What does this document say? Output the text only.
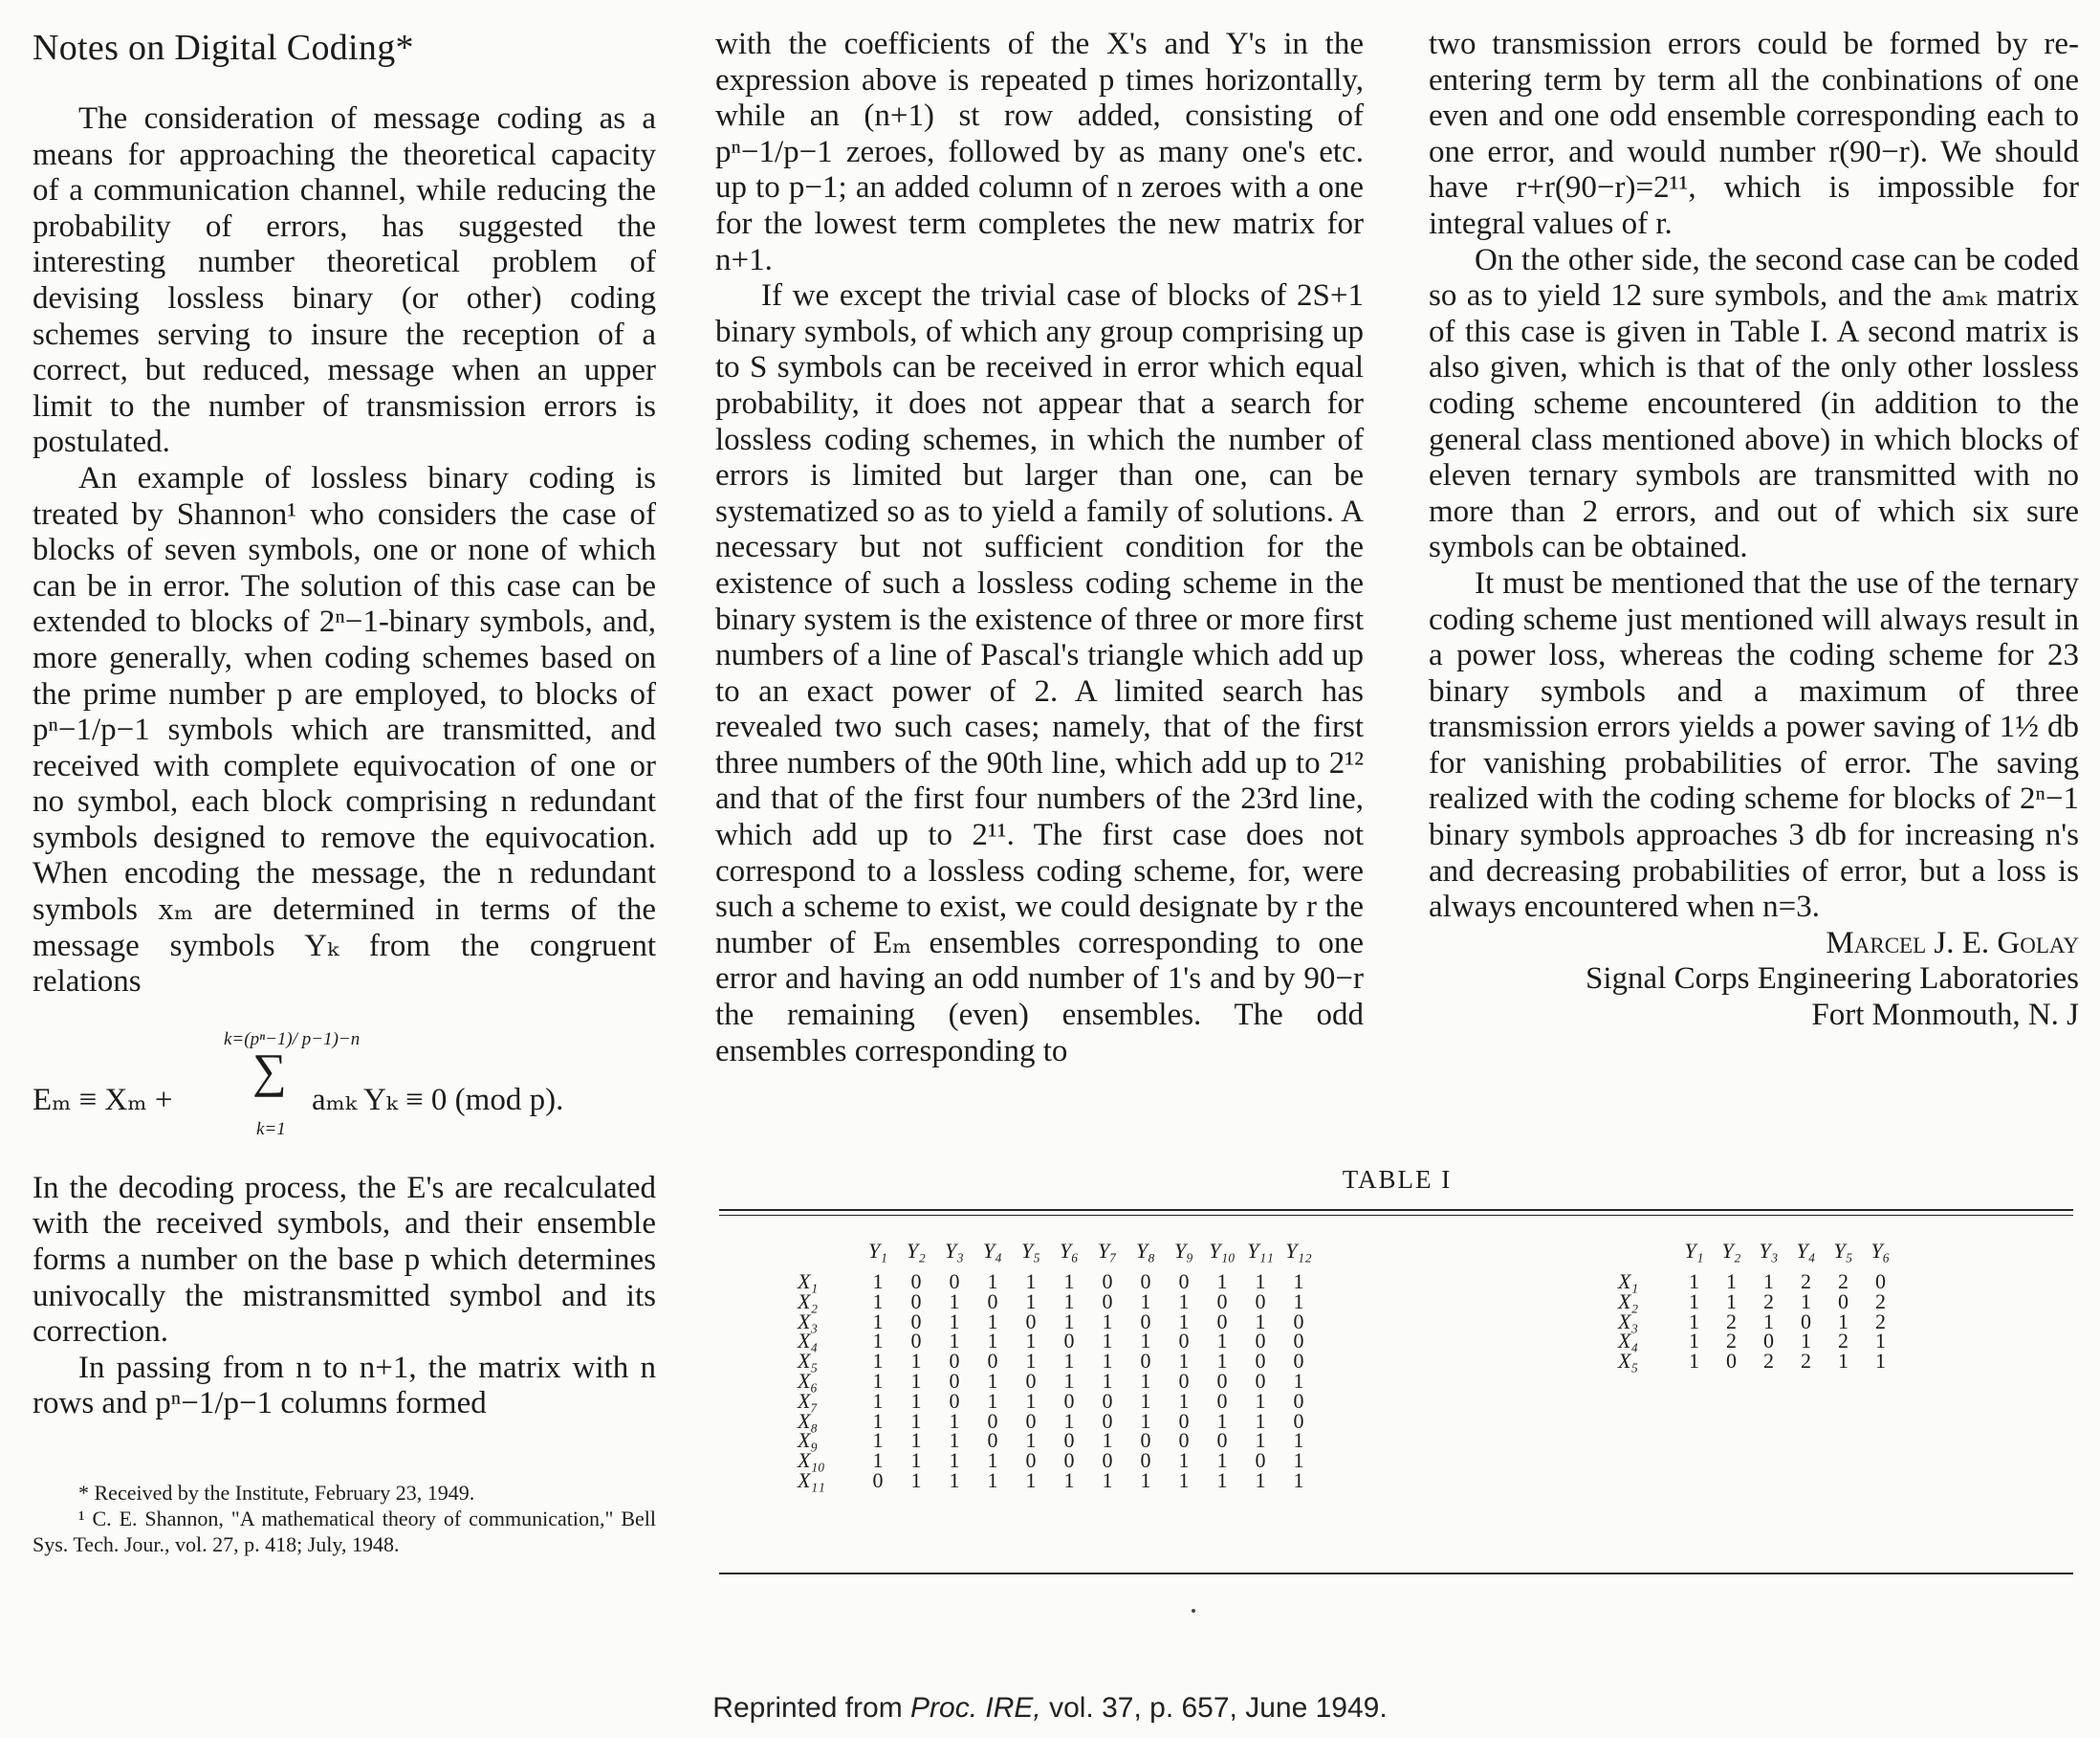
Notes on Digital Coding*

The consideration of message coding as a means for approaching the theoretical capacity of a communication channel, while reducing the probability of errors, has suggested the interesting number theoretical problem of devising lossless binary (or other) coding schemes serving to insure the reception of a correct, but reduced, message when an upper limit to the number of transmission errors is postulated.

An example of lossless binary coding is treated by Shannon¹ who considers the case of blocks of seven symbols, one or none of which can be in error. The solution of this case can be extended to blocks of 2ⁿ−1-binary symbols, and, more generally, when coding schemes based on the prime number p are employed, to blocks of pⁿ−1/p−1 symbols which are transmitted, and received with complete equivocation of one or no symbol, each block comprising n redundant symbols designed to remove the equivocation. When encoding the message, the n redundant symbols xₘ are determined in terms of the message symbols Yₖ from the congruent relations

Eₘ ≡ Xₘ +
k=(pⁿ−1)/ p−1)−n
∑
k=1
aₘₖ Yₖ ≡ 0 (mod p).

In the decoding process, the E's are recalculated with the received symbols, and their ensemble forms a number on the base p which determines univocally the mistransmitted symbol and its correction.

In passing from n to n+1, the matrix with n rows and pⁿ−1/p−1 columns formed

* Received by the Institute, February 23, 1949.

¹ C. E. Shannon, "A mathematical theory of communication," Bell Sys. Tech. Jour., vol. 27, p. 418; July, 1948.

with the coefficients of the X's and Y's in the expression above is repeated p times horizontally, while an (n+1) st row added, consisting of pⁿ−1/p−1 zeroes, followed by as many one's etc. up to p−1; an added column of n zeroes with a one for the lowest term completes the new matrix for n+1.

If we except the trivial case of blocks of 2S+1 binary symbols, of which any group comprising up to S symbols can be received in error which equal probability, it does not appear that a search for lossless coding schemes, in which the number of errors is limited but larger than one, can be systematized so as to yield a family of solutions. A necessary but not sufficient condition for the existence of such a lossless coding scheme in the binary system is the existence of three or more first numbers of a line of Pascal's triangle which add up to an exact power of 2. A limited search has revealed two such cases; namely, that of the first three numbers of the 90th line, which add up to 2¹² and that of the first four numbers of the 23rd line, which add up to 2¹¹. The first case does not correspond to a lossless coding scheme, for, were such a scheme to exist, we could designate by r the number of Eₘ ensembles corresponding to one error and having an odd number of 1's and by 90−r the remaining (even) ensembles. The odd ensembles corresponding to

two transmission errors could be formed by re-entering term by term all the conbinations of one even and one odd ensemble corresponding each to one error, and would number r(90−r). We should have r+r(90−r)=2¹¹, which is impossible for integral values of r.

On the other side, the second case can be coded so as to yield 12 sure symbols, and the aₘₖ matrix of this case is given in Table I. A second matrix is also given, which is that of the only other lossless coding scheme encountered (in addition to the general class mentioned above) in which blocks of eleven ternary symbols are transmitted with no more than 2 errors, and out of which six sure symbols can be obtained.

It must be mentioned that the use of the ternary coding scheme just mentioned will always result in a power loss, whereas the coding scheme for 23 binary symbols and a maximum of three transmission errors yields a power saving of 1½ db for vanishing probabilities of error. The saving realized with the coding scheme for blocks of 2ⁿ−1 binary symbols approaches 3 db for increasing n's and decreasing probabilities of error, but a loss is always encountered when n=3.

Marcel J. E. Golay

Signal Corps Engineering Laboratories

Fort Monmouth, N. J

TABLE I
	Y₁	Y₂	Y₃	Y₄	Y₅	Y₆	Y₇	Y₈	Y₉	Y₁₀	Y₁₁	Y₁₂
X₁	1	0	0	1	1	1	0	0	0	1	1	1
X₂	1	0	1	0	1	1	0	1	1	0	0	1
X₃	1	0	1	1	0	1	1	0	1	0	1	0
X₄	1	0	1	1	1	0	1	1	0	1	0	0
X₅	1	1	0	0	1	1	1	0	1	1	0	0
X₆	1	1	0	1	0	1	1	1	0	0	0	1
X₇	1	1	0	1	1	0	0	1	1	0	1	0
X₈	1	1	1	0	0	1	0	1	0	1	1	0
X₉	1	1	1	0	1	0	1	0	0	0	1	1
X₁₀	1	1	1	1	0	0	0	0	1	1	0	1
X₁₁	0	1	1	1	1	1	1	1	1	1	1	1
	Y₁	Y₂	Y₃	Y₄	Y₅	Y₆
X₁	1	1	1	2	2	0
X₂	1	1	2	1	0	2
X₃	1	2	1	0	1	2
X₄	1	2	0	1	2	1
X₅	1	0	2	2	1	1
Reprinted from Proc. IRE, vol. 37, p. 657, June 1949.
